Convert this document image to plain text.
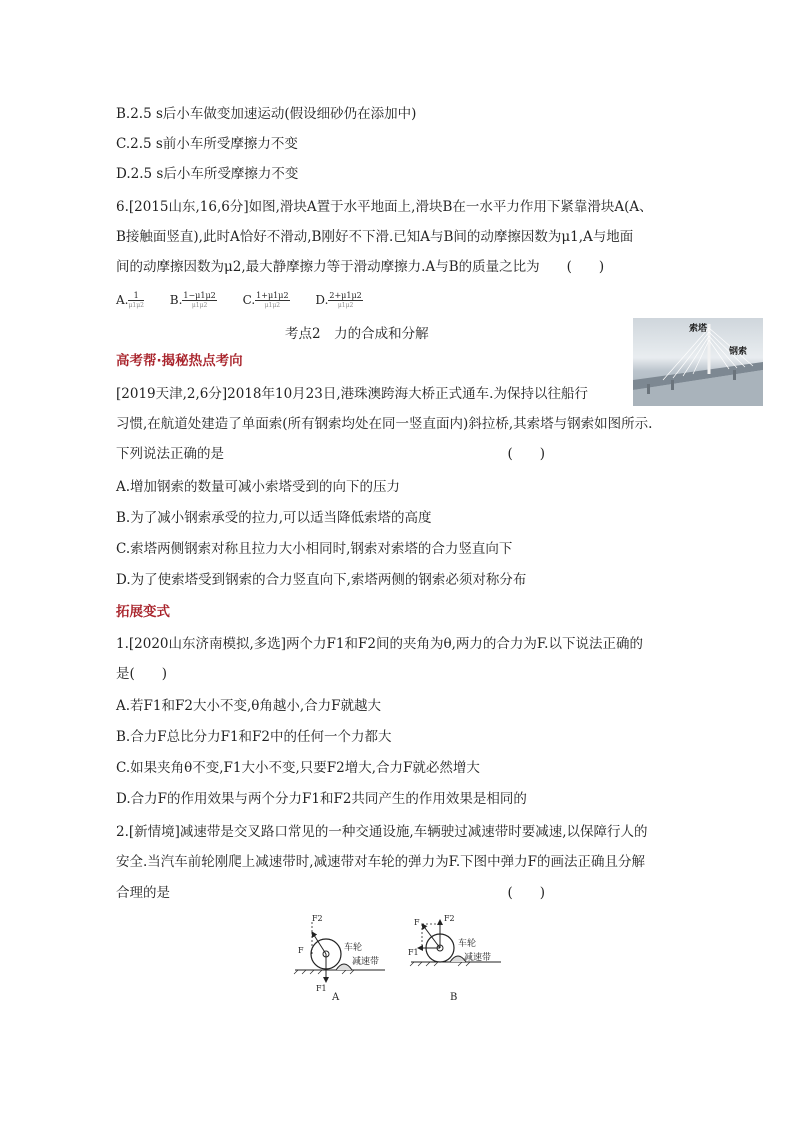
B.2.5 s后小车做变加速运动(假设细砂仍在添加中)
C.2.5 s前小车所受摩擦力不变
D.2.5 s后小车所受摩擦力不变
6.[2015山东,16,6分]如图,滑块A置于水平地面上,滑块B在一水平力作用下紧靠滑块A(A、
B接触面竖直),此时A恰好不滑动,B刚好不下滑.已知A与B间的动摩擦因数为μ1,A与地面
间的动摩擦因数为μ2,最大静摩擦力等于滑动摩擦力.A与B的质量之比为　　(　　)
A. $\frac{1}{\mu 1\mu 2} B$. $\frac{1-\mu 1\mu 2}{\mu 1\mu 2} C$. $\frac{1+\mu 1\mu 2}{\mu 1\mu 2} D$. $\frac{2+\mu 1\mu 2}{\mu 1\mu 2}$
考点2　力的合成和分解	索塔
钢索
高考帮·揭秘热点考向
[2019天津,2,6分]2018年10月23日,港珠澳跨海大桥正式通车.为保持以往船行
习惯,在航道处建造了单面索(所有钢索均处在同一竖直面内)斜拉桥,其索塔与钢索如图所示.
下列说法正确的是　　　　　　　　　　　　　　　　　　　　　(　　)
A.增加钢索的数量可减小索塔受到的向下的压力
B.为了减小钢索承受的拉力,可以适当降低索塔的高度
C.索塔两侧钢索对称且拉力大小相同时,钢索对索塔的合力竖直向下
D.为了使索塔受到钢索的合力竖直向下,索塔两侧的钢索必须对称分布
拓展变式
1.[2020山东济南模拟,多选]两个力F1和F2间的夹角为θ,两力的合力为F.以下说法正确的
是(　　)
A.若F1和F2大小不变,θ角越小,合力F就越大
B.合力F总比分力F1和F2中的任何一个力都大
C.如果夹角θ不变,F1大小不变,只要F2增大,合力F就必然增大
D.合力F的作用效果与两个分力F1和F2共同产生的作用效果是相同的
2.[新情境]减速带是交叉路口常见的一种交通设施,车辆驶过减速带时要减速,以保障行人的
安全.当汽车前轮刚爬上减速带时,减速带对车轮的弹力为F.下图中弹力F的画法正确且分解
合理的是　　　　　　　　　　　　　　　　　　　　　　　　　(　　)
F2
F
F1
车轮
减速带
A
F	F2
F1
车轮
减速带
B
